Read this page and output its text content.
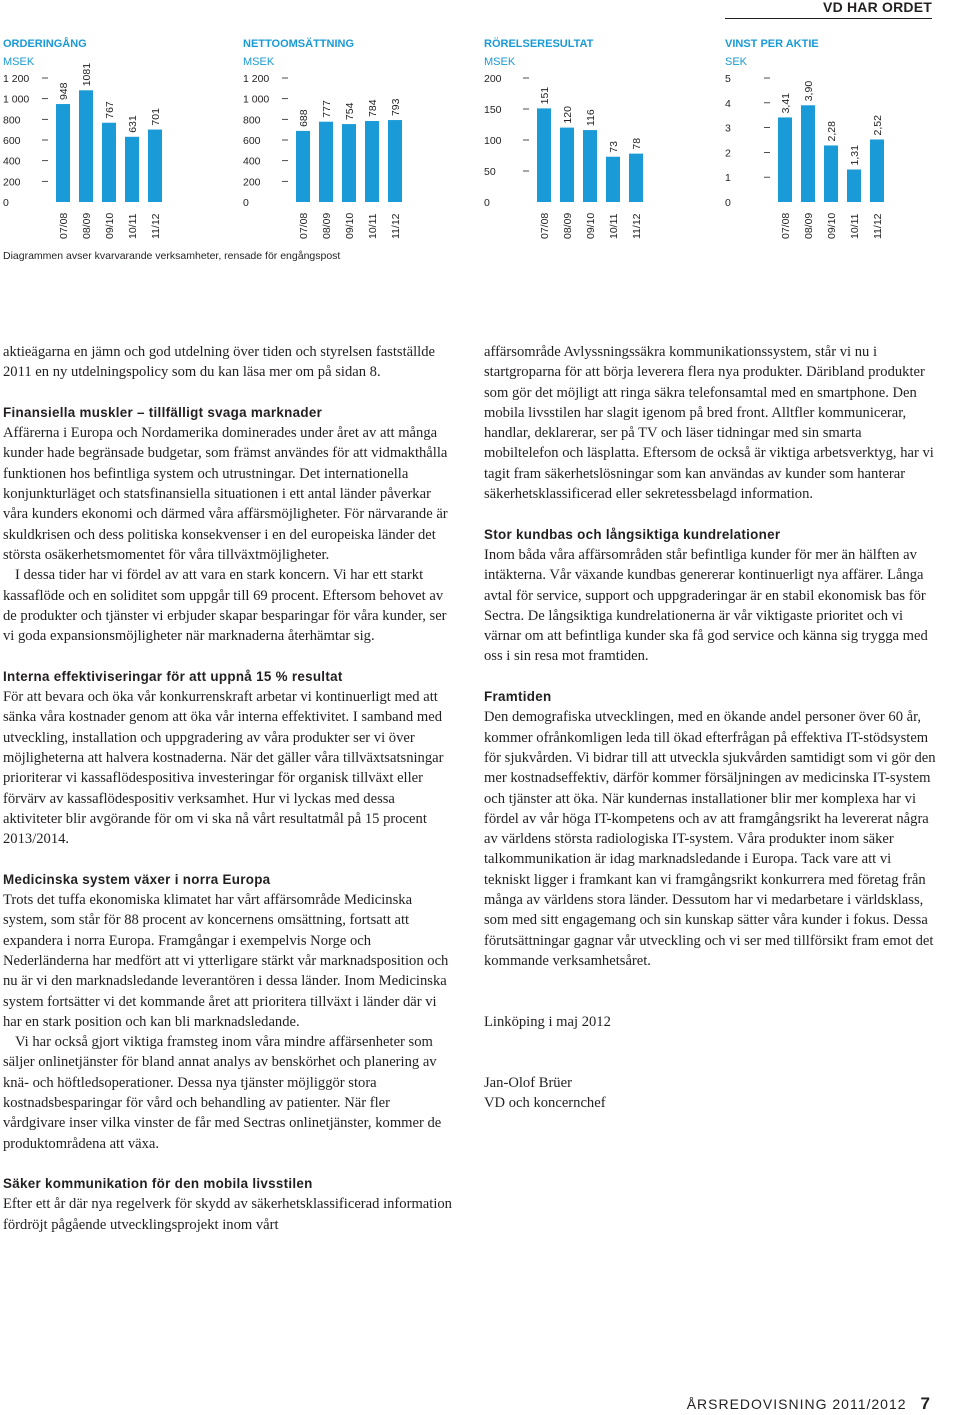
VD HAR ORDET
ORDERINGÅNG
MSEK
0
200
400
600
800
1 000
1 200
948
07/08
1081
08/09
767
09/10
631
10/11
701
11/12
NETTOOMSÄTTNING
MSEK
0
200
400
600
800
1 000
1 200
688
07/08
777
08/09
754
09/10
784
10/11
793
11/12
RÖRELSERESULTAT
MSEK
0
50
100
150
200
151
07/08
120
08/09
116
09/10
73
10/11
78
11/12
VINST PER AKTIE
SEK
0
1
2
3
4
5
3,41
07/08
3,90
08/09
2,28
09/10
1,31
10/11
2,52
11/12
Diagrammen avser kvarvarande verksamheter, rensade för engångspost

aktieägarna en jämn och god utdelning över tiden och styrelsen fastställde 2011 en ny utdelningspolicy som du kan läsa mer om på sidan 8.

Finansiella muskler – tillfälligt svaga marknader

Affärerna i Europa och Nordamerika dominerades under året av att många kunder hade begränsade budgetar, som främst användes för att vidmakthålla funktionen hos befintliga system och utrustningar. Det internationella konjunkturläget och statsfinansiella situationen i ett antal länder påverkar våra kunders ekonomi och därmed våra affärsmöjligheter. För närvarande är skuldkrisen och dess politiska konsekvenser i en del europeiska länder det största osäkerhetsmomentet för våra tillväxtmöjligheter.

I dessa tider har vi fördel av att vara en stark koncern. Vi har ett starkt kassaflöde och en soliditet som uppgår till 69 procent. Eftersom behovet av de produkter och tjänster vi erbjuder skapar besparingar för våra kunder, ser vi goda expansionsmöjligheter när marknaderna återhämtar sig.

Interna effektiviseringar för att uppnå 15 % resultat

För att bevara och öka vår konkurrenskraft arbetar vi kontinuerligt med att sänka våra kostnader genom att öka vår interna effektivitet. I samband med utveckling, installation och uppgradering av våra produkter ser vi över möjligheterna att halvera kostnaderna. När det gäller våra tillväxtsatsningar prioriterar vi kassaflödespositiva investeringar för organisk tillväxt eller förvärv av kassaflödespositiv verksamhet. Hur vi lyckas med dessa aktiviteter blir avgörande för om vi ska nå vårt resultatmål på 15 procent 2013/2014.

Medicinska system växer i norra Europa

Trots det tuffa ekonomiska klimatet har vårt affärsområde Medicinska system, som står för 88 procent av koncernens omsättning, fortsatt att expandera i norra Europa. Framgångar i exempelvis Norge och Nederländerna har medfört att vi ytterligare stärkt vår marknadsposition och nu är vi den marknadsledande leverantören i dessa länder. Inom Medicinska system fortsätter vi det kommande året att prioritera tillväxt i länder där vi har en stark position och kan bli marknadsledande.

Vi har också gjort viktiga framsteg inom våra mindre affärsenheter som säljer onlinetjänster för bland annat analys av benskörhet och planering av knä- och höftledsoperationer. Dessa nya tjänster möjliggör stora kostnadsbesparingar för vård och behandling av patienter. När fler vårdgivare inser vilka vinster de får med Sectras onlinetjänster, kommer de produktområdena att växa.

Säker kommunikation för den mobila livsstilen

Efter ett år där nya regelverk för skydd av säkerhetsklassificerad information fördröjt pågående utvecklingsprojekt inom vårt

affärsområde Avlyssningssäkra kommunikationssystem, står vi nu i startgroparna för att börja leverera flera nya produkter. Däribland produkter som gör det möjligt att ringa säkra telefonsamtal med en smartphone. Den mobila livsstilen har slagit igenom på bred front. Alltfler kommunicerar, handlar, deklarerar, ser på TV och läser tidningar med sin smarta mobiltelefon och läsplatta. Eftersom de också är viktiga arbetsverktyg, har vi tagit fram säkerhetslösningar som kan användas av kunder som hanterar säkerhetsklassificerad eller sekretessbelagd information.

Stor kundbas och långsiktiga kundrelationer

Inom båda våra affärsområden står befintliga kunder för mer än hälften av intäkterna. Vår växande kundbas genererar kontinuerligt nya affärer. Långa avtal för service, support och uppgraderingar är en stabil ekonomisk bas för Sectra. De långsiktiga kundrelationerna är vår viktigaste prioritet och vi värnar om att befintliga kunder ska få god service och känna sig trygga med oss i sin resa mot framtiden.

Framtiden

Den demografiska utvecklingen, med en ökande andel personer över 60 år, kommer ofrånkomligen leda till ökad efterfrågan på effektiva IT-stödsystem för sjukvården. Vi bidrar till att utveckla sjukvården samtidigt som vi gör den mer kostnadseffektiv, därför kommer försäljningen av medicinska IT-system och tjänster att öka. När kundernas installationer blir mer komplexa har vi fördel av vår höga IT-kompetens och av att framgångsrikt ha levererat några av världens största radiologiska IT-system. Våra produkter inom säker talkommunikation är idag marknadsledande i Europa. Tack vare att vi tekniskt ligger i framkant kan vi framgångsrikt konkurrera med företag från många av världens stora länder. Dessutom har vi medarbetare i världsklass, som med sitt engagemang och sin kunskap sätter våra kunder i fokus. Dessa förutsättningar gagnar vår utveckling och vi ser med tillförsikt fram emot det kommande verksamhetsåret.

Linköping i maj 2012

Jan-Olof Brüer

VD och koncernchef

ÅRSREDOVISNING 2011/2012 7
